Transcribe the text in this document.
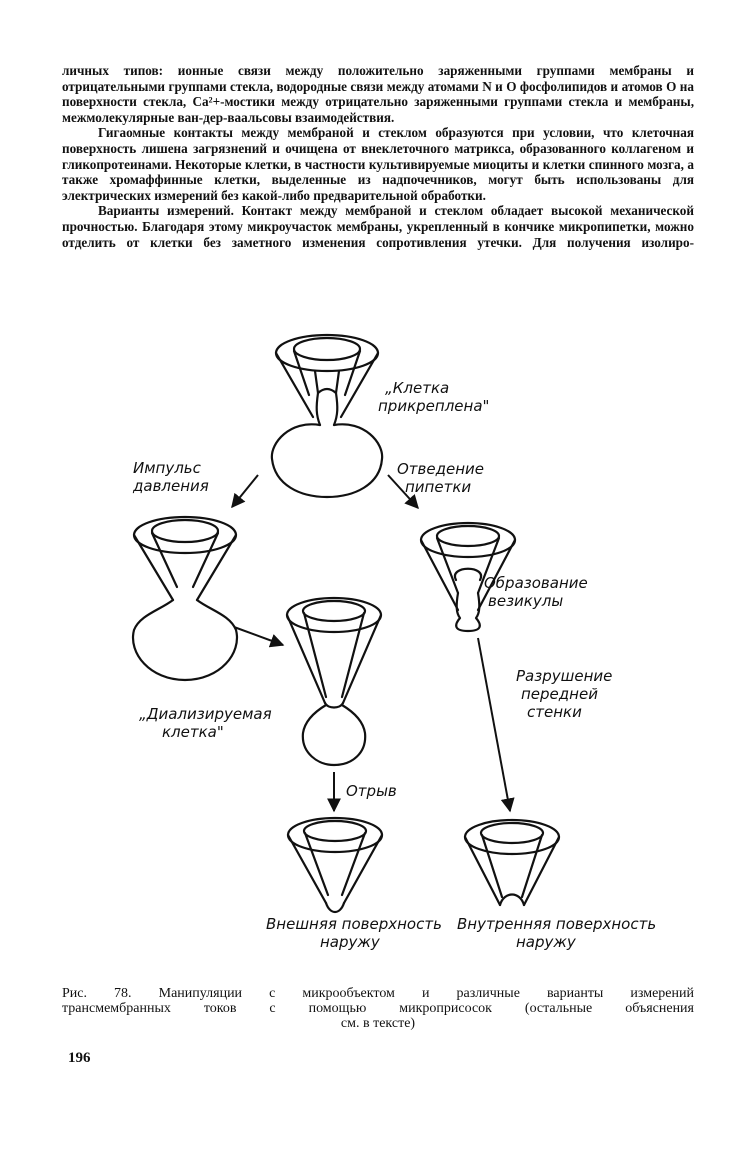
личных типов: ионные связи между положительно заряженными группами мембраны и отрицательными группами стекла, водородные связи между атомами N и O фосфолипидов и атомов O на поверхности стекла, Ca²+-мостики между отрицательно заряженными группами стекла и мембраны, межмолекулярные ван-дер-ваальсовы взаимодействия.

Гигаомные контакты между мембраной и стеклом образуются при условии, что клеточная поверхность лишена загрязнений и очищена от внеклеточного матрикса, образованного коллагеном и гликопротеинами. Некоторые клетки, в частности культивируемые миоциты и клетки спинного мозга, а также хромаффинные клетки, выделенные из надпочечников, могут быть использованы для электрических измерений без какой-либо предварительной обработки.

Варианты измерений. Контакт между мембраной и стеклом обладает высокой механической прочностью. Благодаря этому микроучасток мембраны, укрепленный в кончике микропипетки, можно отделить от клетки без заметного изменения сопротивления утечки. Для получения изолиро-

„Клетка
прикреплена"
Импульс
давления
Отведение
пипетки
Образование
везикулы
Разрушение
передней
стенки
„Диализируемая
клетка"
Отрыв
Внешняя поверхность
наружу
Внутренняя поверхность
наружу
Рис. 78. Манипуляции с микрообъектом и различные варианты измерений
трансмембранных токов с помощью микроприсосок (остальные объяснения
см. в тексте)
196
